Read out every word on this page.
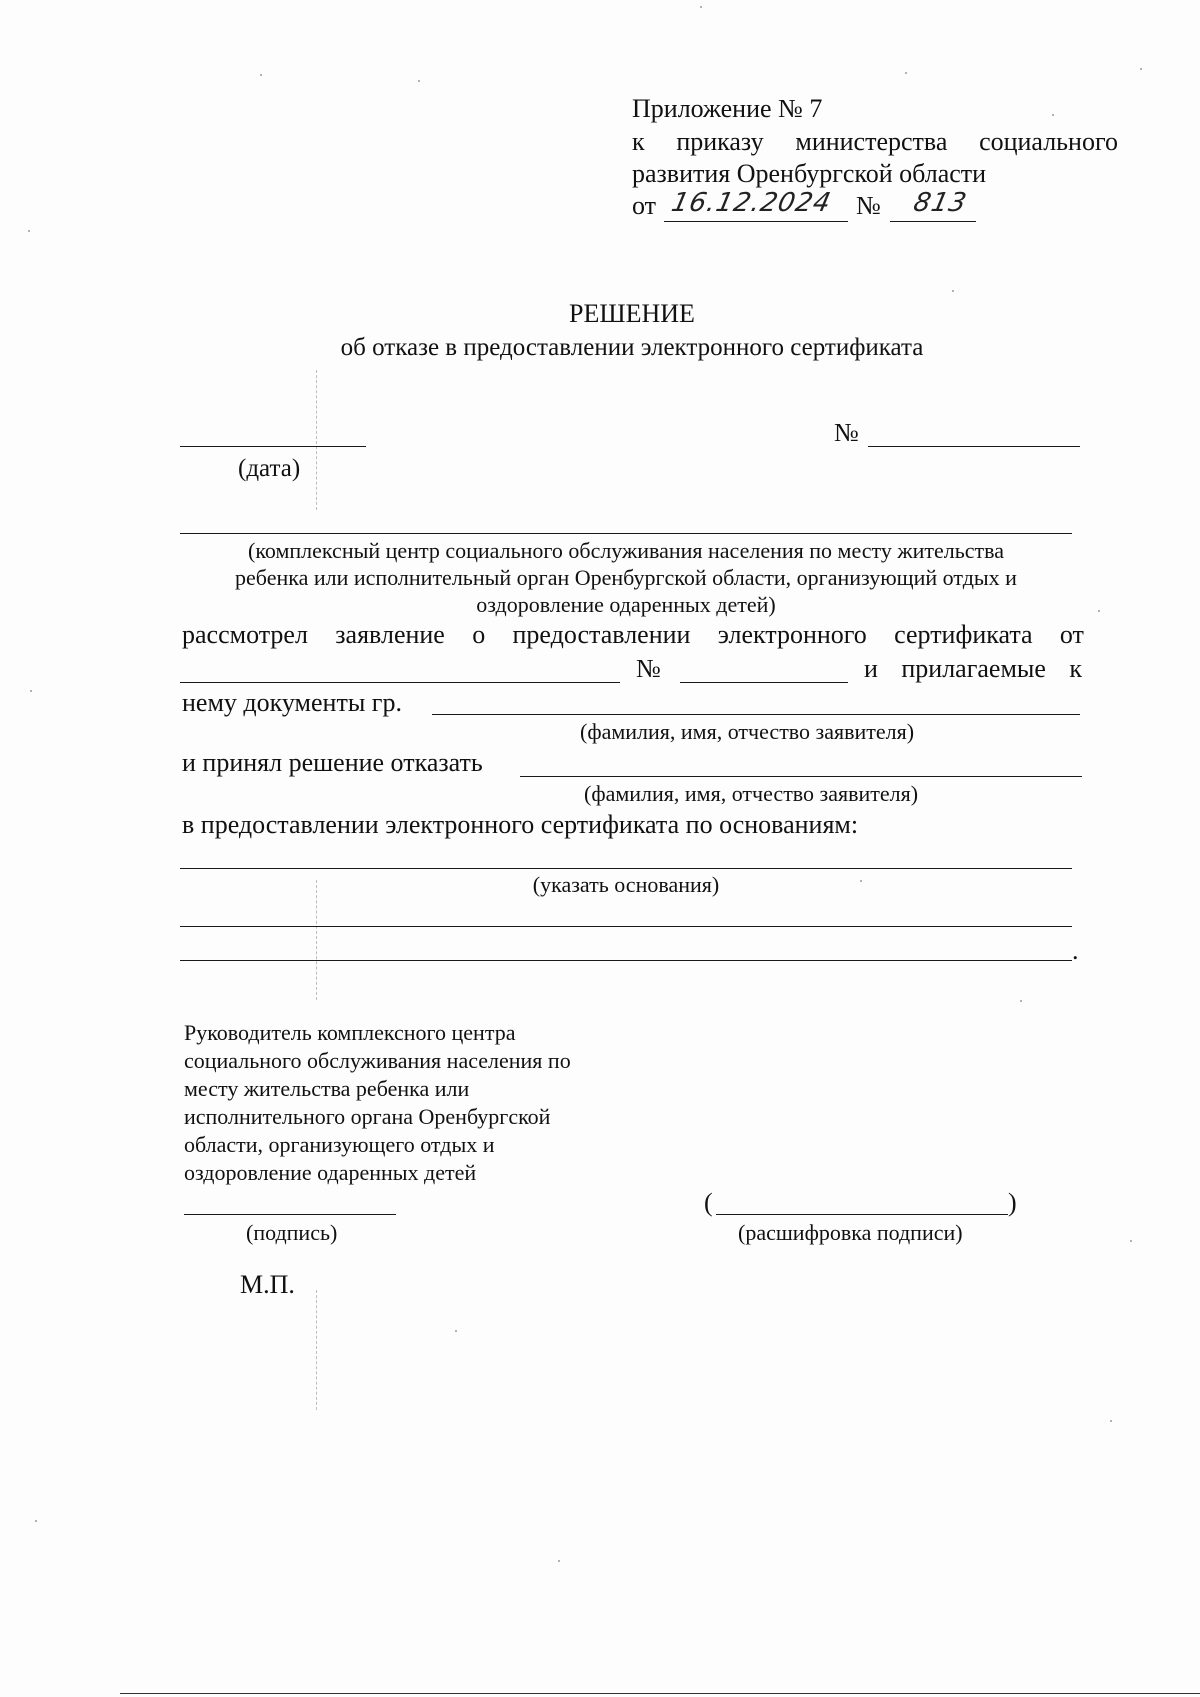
Приложение № 7
к приказу министерства социального
развития Оренбургской области
от 16.12.2024 № 813
РЕШЕНИЕ
об отказе в предоставлении электронного сертификата
(дата)
№
(комплексный центр социального обслуживания населения по месту жительства
ребенка или исполнительный орган Оренбургской области, организующий отдых и
оздоровление одаренных детей)
рассмотрел заявление о предоставлении электронного сертификата от
№	и прилагаемые к
нему документы гр.
(фамилия, имя, отчество заявителя)
и принял решение отказать
(фамилия, имя, отчество заявителя)
в предоставлении электронного сертификата по основаниям:
(указать основания)
.
Руководитель комплексного центра
социального обслуживания населения по
месту жительства ребенка или
исполнительного органа Оренбургской
области, организующего отдых и
оздоровление одаренных детей
(подпись)
(	)
(расшифровка подписи)
М.П.
